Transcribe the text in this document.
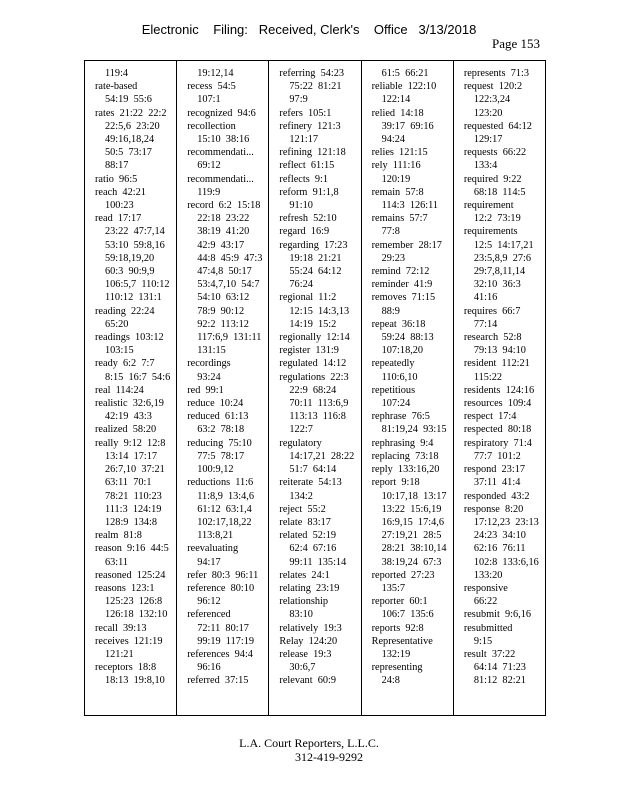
Electronic    Filing:   Received, Clerk's    Office   3/13/2018
Page 153
119:4
rate-based
54:19  55:6
rates  21:22  22:2
22:5,6  23:20
49:16,18,24
50:5  73:17
88:17
ratio  96:5
reach  42:21
100:23
read  17:17
23:22  47:7,14
53:10  59:8,16
59:18,19,20
60:3  90:9,9
106:5,7  110:12
110:12  131:1
reading  22:24
65:20
readings  103:12
103:15
ready  6:2  7:7
8:15  16:7  54:6
real  114:24
realistic  32:6,19
42:19  43:3
realized  58:20
really  9:12  12:8
13:14  17:17
26:7,10  37:21
63:11  70:1
78:21  110:23
111:3  124:19
128:9  134:8
realm  81:8
reason  9:16  44:5
63:11
reasoned  125:24
reasons  123:1
125:23  126:8
126:18  132:10
recall  39:13
receives  121:19
121:21
receptors  18:8
18:13  19:8,10
19:12,14
recess  54:5
107:1
recognized  94:6
recollection
15:10  38:16
recommendati...
69:12
recommendati...
119:9
record  6:2  15:18
22:18  23:22
38:19  41:20
42:9  43:17
44:8  45:9  47:3
47:4,8  50:17
53:4,7,10  54:7
54:10  63:12
78:9  90:12
92:2  113:12
117:6,9  131:11
131:15
recordings
93:24
red  99:1
reduce  10:24
reduced  61:13
63:2  78:18
reducing  75:10
77:5  78:17
100:9,12
reductions  11:6
11:8,9  13:4,6
61:12  63:1,4
102:17,18,22
113:8,21
reevaluating
94:17
refer  80:3  96:11
reference  80:10
96:12
referenced
72:11  80:17
99:19  117:19
references  94:4
96:16
referred  37:15
referring  54:23
75:22  81:21
97:9
refers  105:1
refinery  121:3
121:17
refining  121:18
reflect  61:15
reflects  9:1
reform  91:1,8
91:10
refresh  52:10
regard  16:9
regarding  17:23
19:18  21:21
55:24  64:12
76:24
regional  11:2
12:15  14:3,13
14:19  15:2
regionally  12:14
register  131:9
regulated  14:12
regulations  22:3
22:9  68:24
70:11  113:6,9
113:13  116:8
122:7
regulatory
14:17,21  28:22
51:7  64:14
reiterate  54:13
134:2
reject  55:2
relate  83:17
related  52:19
62:4  67:16
99:11  135:14
relates  24:1
relating  23:19
relationship
83:10
relatively  19:3
Relay  124:20
release  19:3
30:6,7
relevant  60:9
61:5  66:21
reliable  122:10
122:14
relied  14:18
39:17  69:16
94:24
relies  121:15
rely  111:16
120:19
remain  57:8
114:3  126:11
remains  57:7
77:8
remember  28:17
29:23
remind  72:12
reminder  41:9
removes  71:15
88:9
repeat  36:18
59:24  88:13
107:18,20
repeatedly
110:6,10
repetitious
107:24
rephrase  76:5
81:19,24  93:15
rephrasing  9:4
replacing  73:18
reply  133:16,20
report  9:18
10:17,18  13:17
13:22  15:6,19
16:9,15  17:4,6
27:19,21  28:5
28:21  38:10,14
38:19,24  67:3
reported  27:23
135:7
reporter  60:1
106:7  135:6
reports  92:8
Representative
132:19
representing
24:8
represents  71:3
request  120:2
122:3,24
123:20
requested  64:12
129:17
requests  66:22
133:4
required  9:22
68:18  114:5
requirement
12:2  73:19
requirements
12:5  14:17,21
23:5,8,9  27:6
29:7,8,11,14
32:10  36:3
41:16
requires  66:7
77:14
research  52:8
79:13  94:10
resident  112:21
115:22
residents  124:16
resources  109:4
respect  17:4
respected  80:18
respiratory  71:4
77:7  101:2
respond  23:17
37:11  41:4
responded  43:2
response  8:20
17:12,23  23:13
24:23  34:10
62:16  76:11
102:8  133:6,16
133:20
responsive
66:22
resubmit  9:6,16
resubmitted
9:15
result  37:22
64:14  71:23
81:12  82:21
L.A. Court Reporters, L.L.C.
312-419-9292
